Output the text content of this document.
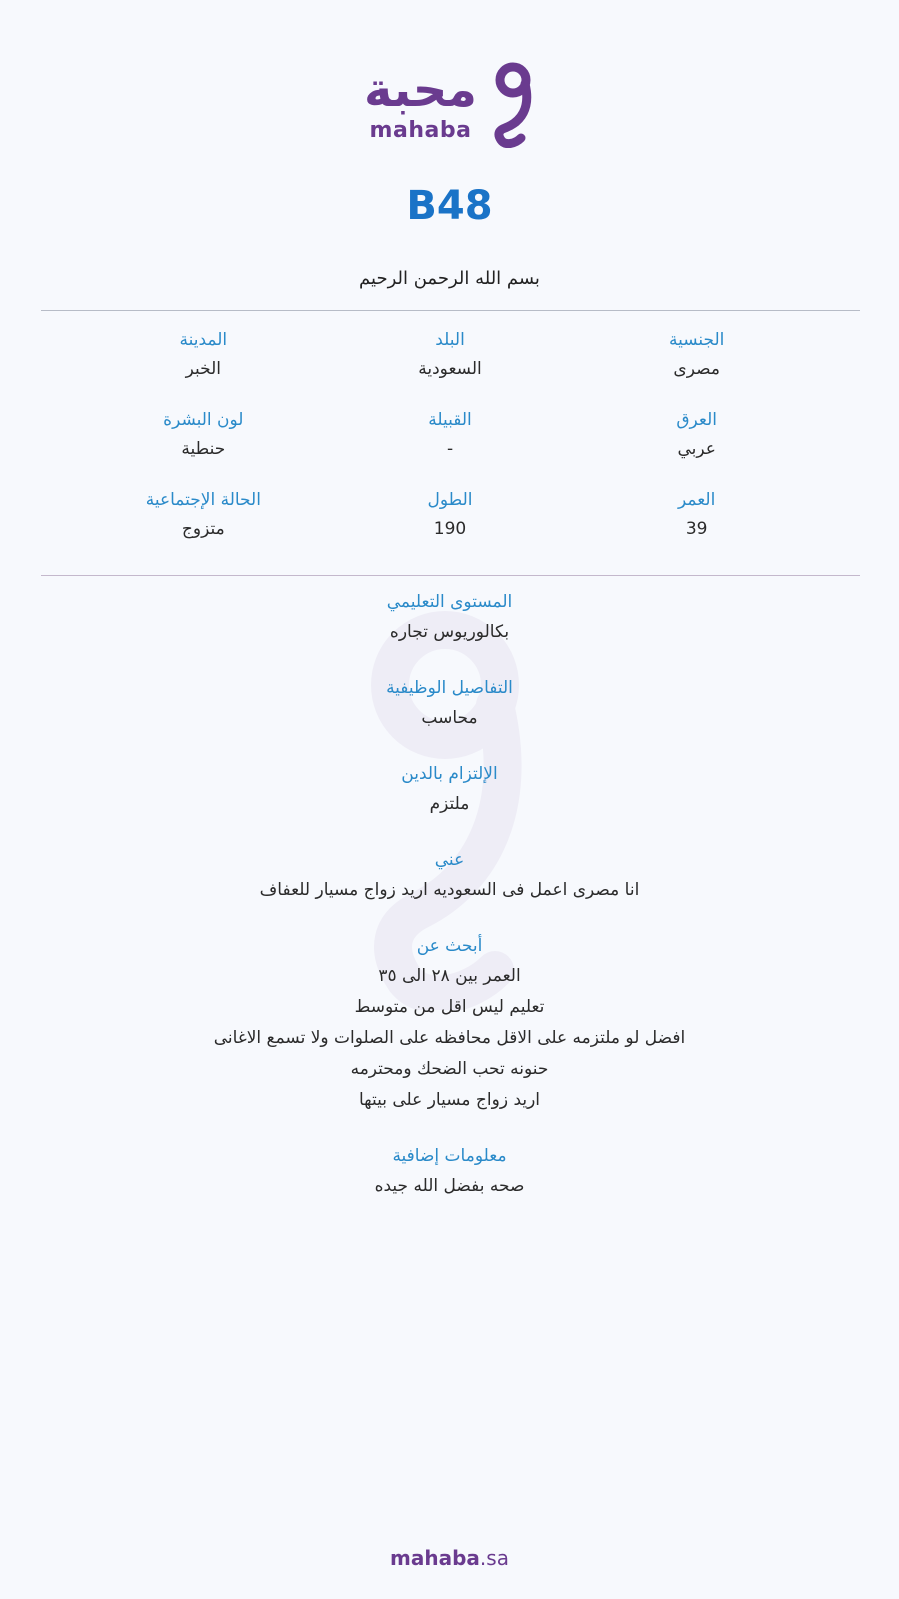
محبة
mahaba
B48
بسم الله الرحمن الرحيم
الجنسية
مصرى
البلد
السعودية
المدينة
الخبر
العرق
عربي
القبيلة
-
لون البشرة
حنطية
العمر
39
الطول
190
الحالة الإجتماعية
متزوج
المستوى التعليمي
بكالوريوس تجاره
التفاصيل الوظيفية
محاسب
الإلتزام بالدين
ملتزم
عني
انا مصرى اعمل فى السعوديه اريد زواج مسيار للعفاف
أبحث عن
العمر بين ٢٨ الى ٣٥
تعليم ليس اقل من متوسط
افضل لو ملتزمه على الاقل محافظه على الصلوات ولا تسمع الاغانى
حنونه تحب الضحك ومحترمه
اريد زواج مسيار على بيتها
معلومات إضافية
صحه بفضل الله جيده
mahaba.sa
